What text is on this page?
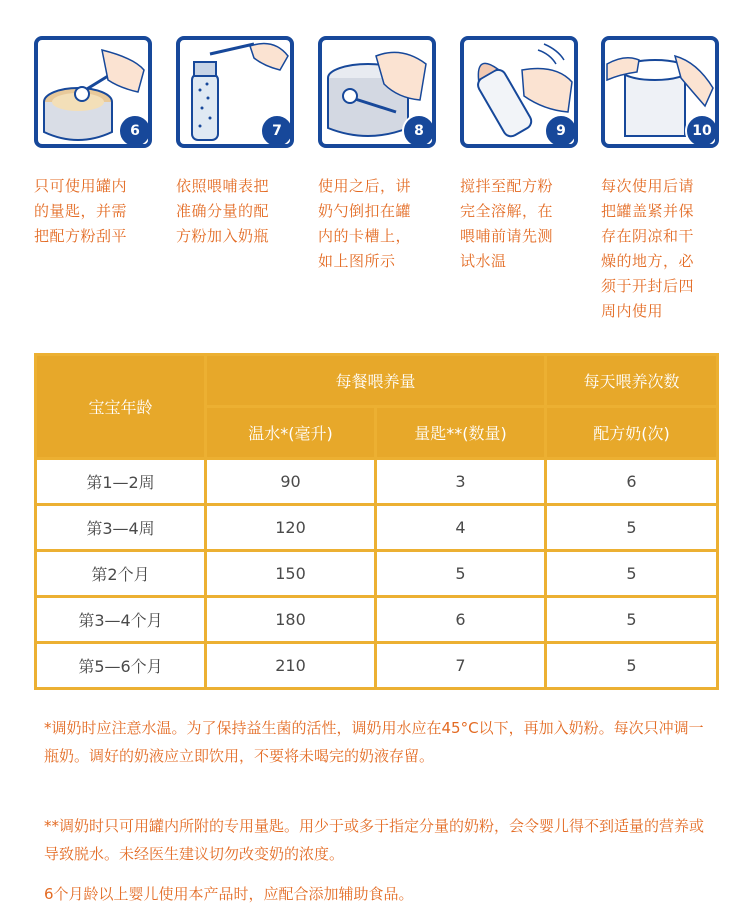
6
只可使用罐内
的量匙，并需
把配方粉刮平
7
依照喂哺表把
准确分量的配
方粉加入奶瓶
8
使用之后，讲
奶勺倒扣在罐
内的卡槽上，
如上图所示
9
搅拌至配方粉
完全溶解，在
喂哺前请先测
试水温
10
每次使用后请
把罐盖紧并保
存在阴凉和干
燥的地方，必
须于开封后四
周内使用
宝宝年龄	每餐喂养量		每天喂养次数
	温水*(毫升)	量匙**(数量)	配方奶(次)
第1—2周	90	3	6
第3—4周	120	4	5
第2个月	150	5	5
第3—4个月	180	6	5
第5—6个月	210	7	5
*调奶时应注意水温。为了保持益生菌的活性，调奶用水应在45°C以下，再加入奶粉。每次只冲调一瓶奶。调好的奶液应立即饮用，不要将未喝完的奶液存留。
**调奶时只可用罐内所附的专用量匙。用少于或多于指定分量的奶粉，会令婴儿得不到适量的营养或导致脱水。未经医生建议切勿改变奶的浓度。
6个月龄以上婴儿使用本产品时，应配合添加辅助食品。
